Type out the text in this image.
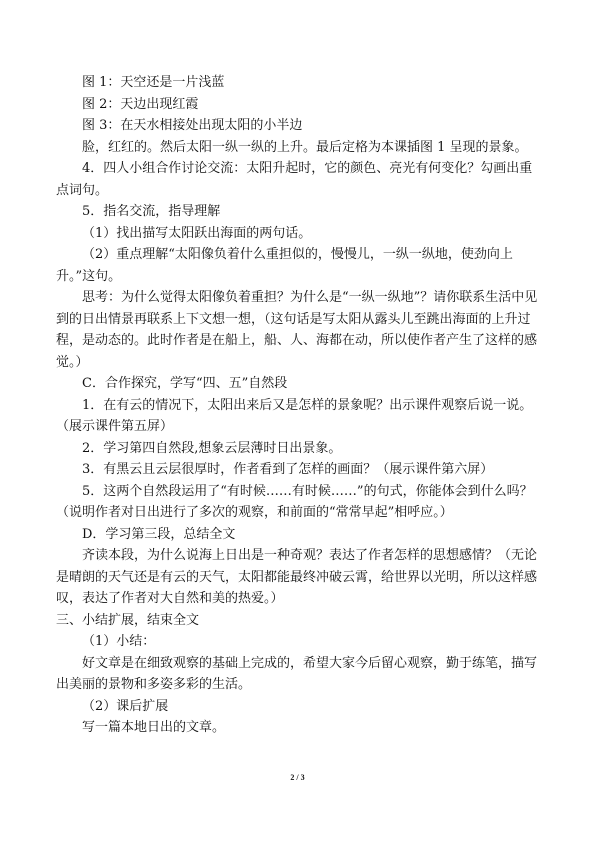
图 1：天空还是一片浅蓝

图 2：天边出现红霞

图 3：在天水相接处出现太阳的小半边

脸，红红的。然后太阳一纵一纵的上升。最后定格为本课插图 1 呈现的景象。

4．四人小组合作讨论交流：太阳升起时，它的颜色、亮光有何变化？勾画出重点词句。

5．指名交流，指导理解

（1）找出描写太阳跃出海面的两句话。

（2）重点理解“太阳像负着什么重担似的，慢慢儿，一纵一纵地，使劲向上升。”这句。

思考：为什么觉得太阳像负着重担？为什么是“一纵一纵地”？请你联系生活中见到的日出情景再联系上下文想一想，（这句话是写太阳从露头儿至跳出海面的上升过程，是动态的。此时作者是在船上，船、人、海都在动，所以使作者产生了这样的感觉。）

C．合作探究，学写“四、五”自然段

1．在有云的情况下，太阳出来后又是怎样的景象呢？出示课件观察后说一说。（展示课件第五屏）

2．学习第四自然段,想象云层薄时日出景象。

3．有黑云且云层很厚时，作者看到了怎样的画面？（展示课件第六屏）

5．这两个自然段运用了“有时候……有时候……”的句式，你能体会到什么吗？（说明作者对日出进行了多次的观察，和前面的“常常早起”相呼应。）

D．学习第三段，总结全文

齐读本段，为什么说海上日出是一种奇观？表达了作者怎样的思想感情？（无论是晴朗的天气还是有云的天气，太阳都能最终冲破云霄，给世界以光明，所以这样感叹，表达了作者对大自然和美的热爱。）

三、小结扩展，结束全文

（1）小结：

好文章是在细致观察的基础上完成的，希望大家今后留心观察，勤于练笔，描写出美丽的景物和多姿多彩的生活。

（2）课后扩展

写一篇本地日出的文章。

2 / 3
